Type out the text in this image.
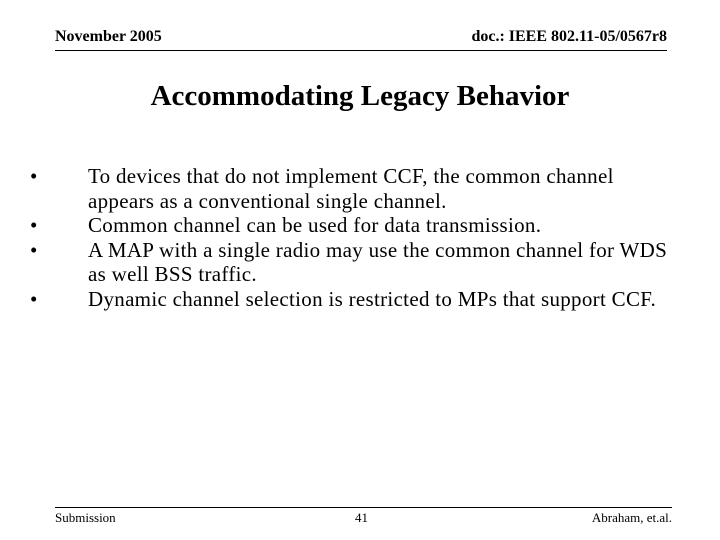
November 2005	doc.: IEEE 802.11-05/0567r8
Accommodating Legacy Behavior
•	To devices that do not implement CCF, the common channel appears as a conventional single channel.
•	Common channel can be used for data transmission.
•	A MAP with a single radio may use the common channel for WDS as well BSS traffic.
•	Dynamic channel selection is restricted to MPs that support CCF.
Submission	41	Abraham, et.al.
